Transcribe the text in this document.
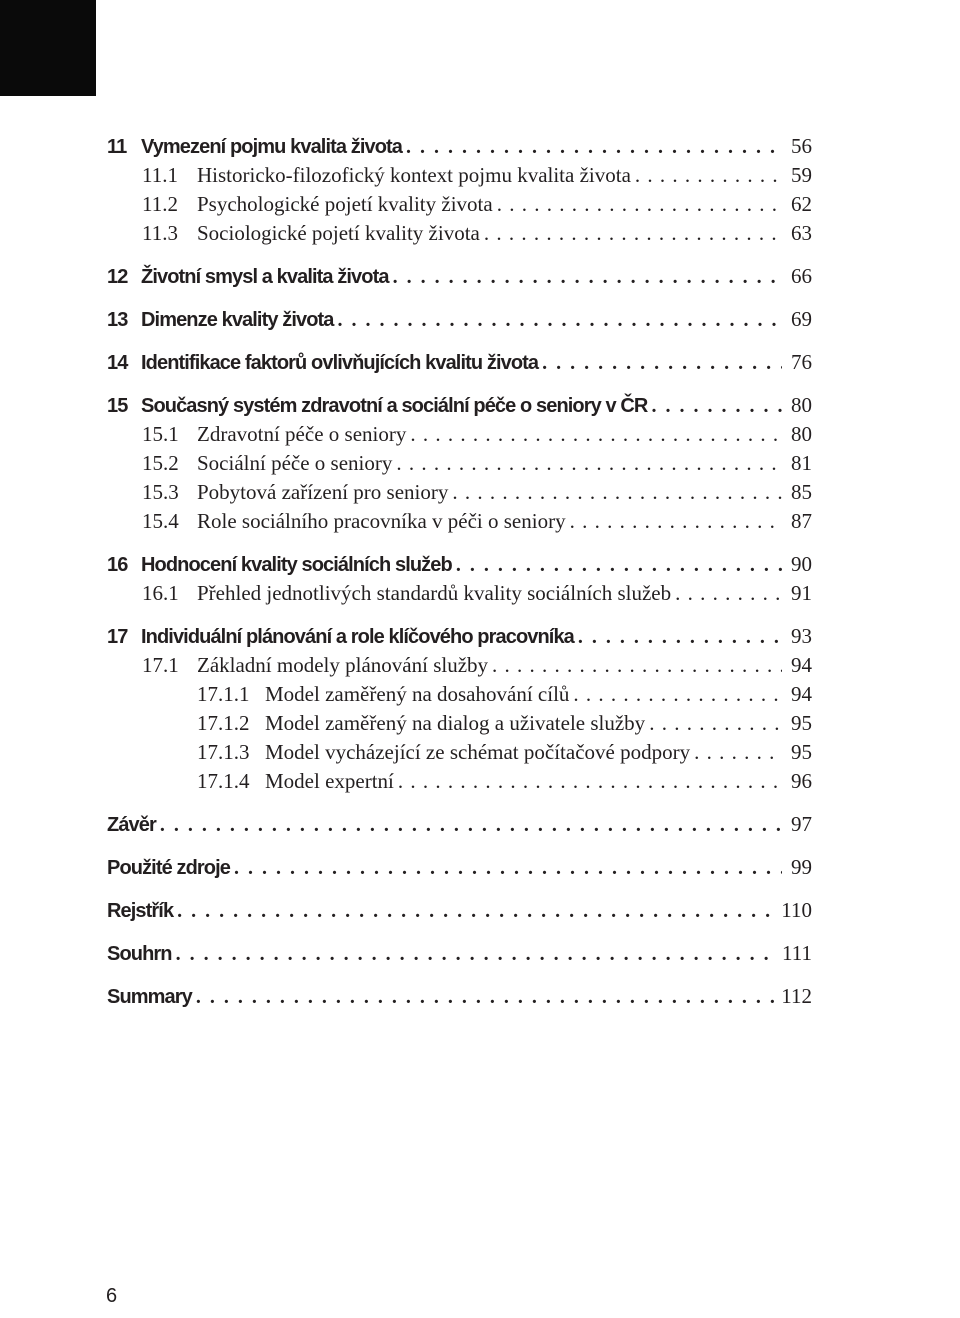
11 Vymezení pojmu kvalita života . . .	56
11.1 Historicko-filozofický kontext pojmu kvalita života . . .	59
11.2 Psychologické pojetí kvality života . . .	62
11.3 Sociologické pojetí kvality života . . .	63
12 Životní smysl a kvalita života . . .	66
13 Dimenze kvality života . . .	69
14 Identifikace faktorů ovlivňujících kvalitu života . . .	76
15 Současný systém zdravotní a sociální péče o seniory v ČR . . .	80
15.1 Zdravotní péče o seniory . . .	80
15.2 Sociální péče o seniory . . .	81
15.3 Pobytová zařízení pro seniory . . .	85
15.4 Role sociálního pracovníka v péči o seniory . . .	87
16 Hodnocení kvality sociálních služeb . . .	90
16.1 Přehled jednotlivých standardů kvality sociálních služeb . . .	91
17 Individuální plánování a role klíčového pracovníka . . .	93
17.1 Základní modely plánování služby . . .	94
17.1.1 Model zaměřený na dosahování cílů . . .	94
17.1.2 Model zaměřený na dialog a uživatele služby . . .	95
17.1.3 Model vycházející ze schémat počítačové podpory . . .	95
17.1.4 Model expertní . . .	96
Závěr . . .	97
Použité zdroje . . .	99
Rejstřík . . .	110
Souhrn . . .	111
Summary . . .	112
6
